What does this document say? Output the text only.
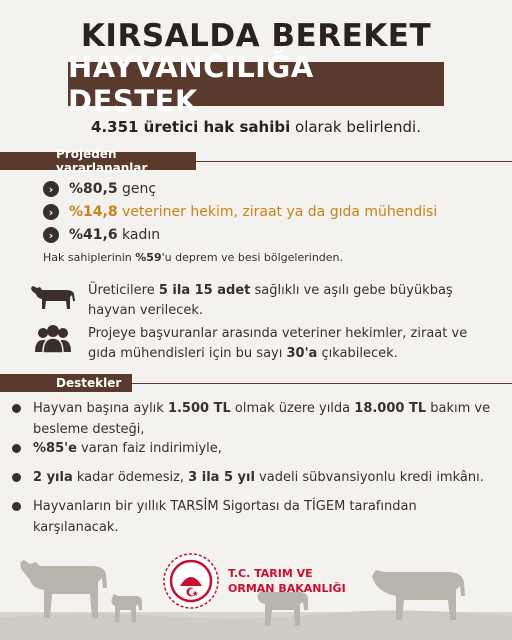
KIRSALDA BEREKET
HAYVANCILIĞA DESTEK
4.351 üretici hak sahibi olarak belirlendi.
Projeden yararlananlar
›	%80,5 genç
›	%14,8 veteriner hekim, ziraat ya da gıda mühendisi
›	%41,6 kadın
Hak sahiplerinin %59'u deprem ve besi bölgelerinden.
Üreticilere 5 ila 15 adet sağlıklı ve aşılı gebe büyükbaş hayvan verilecek.
Projeye başvuranlar arasında veteriner hekimler, ziraat ve gıda mühendisleri için bu sayı 30'a çıkabilecek.
Destekler
Hayvan başına aylık 1.500 TL olmak üzere yılda 18.000 TL bakım ve besleme desteği,
%85'e varan faiz indirimiyle,
2 yıla kadar ödemesiz, 3 ila 5 yıl vadeli sübvansiyonlu kredi imkânı.
Hayvanların bir yıllık TARSİM Sigortası da TİGEM tarafından karşılanacak.
T.C. TARIM VE
ORMAN BAKANLIĞI
